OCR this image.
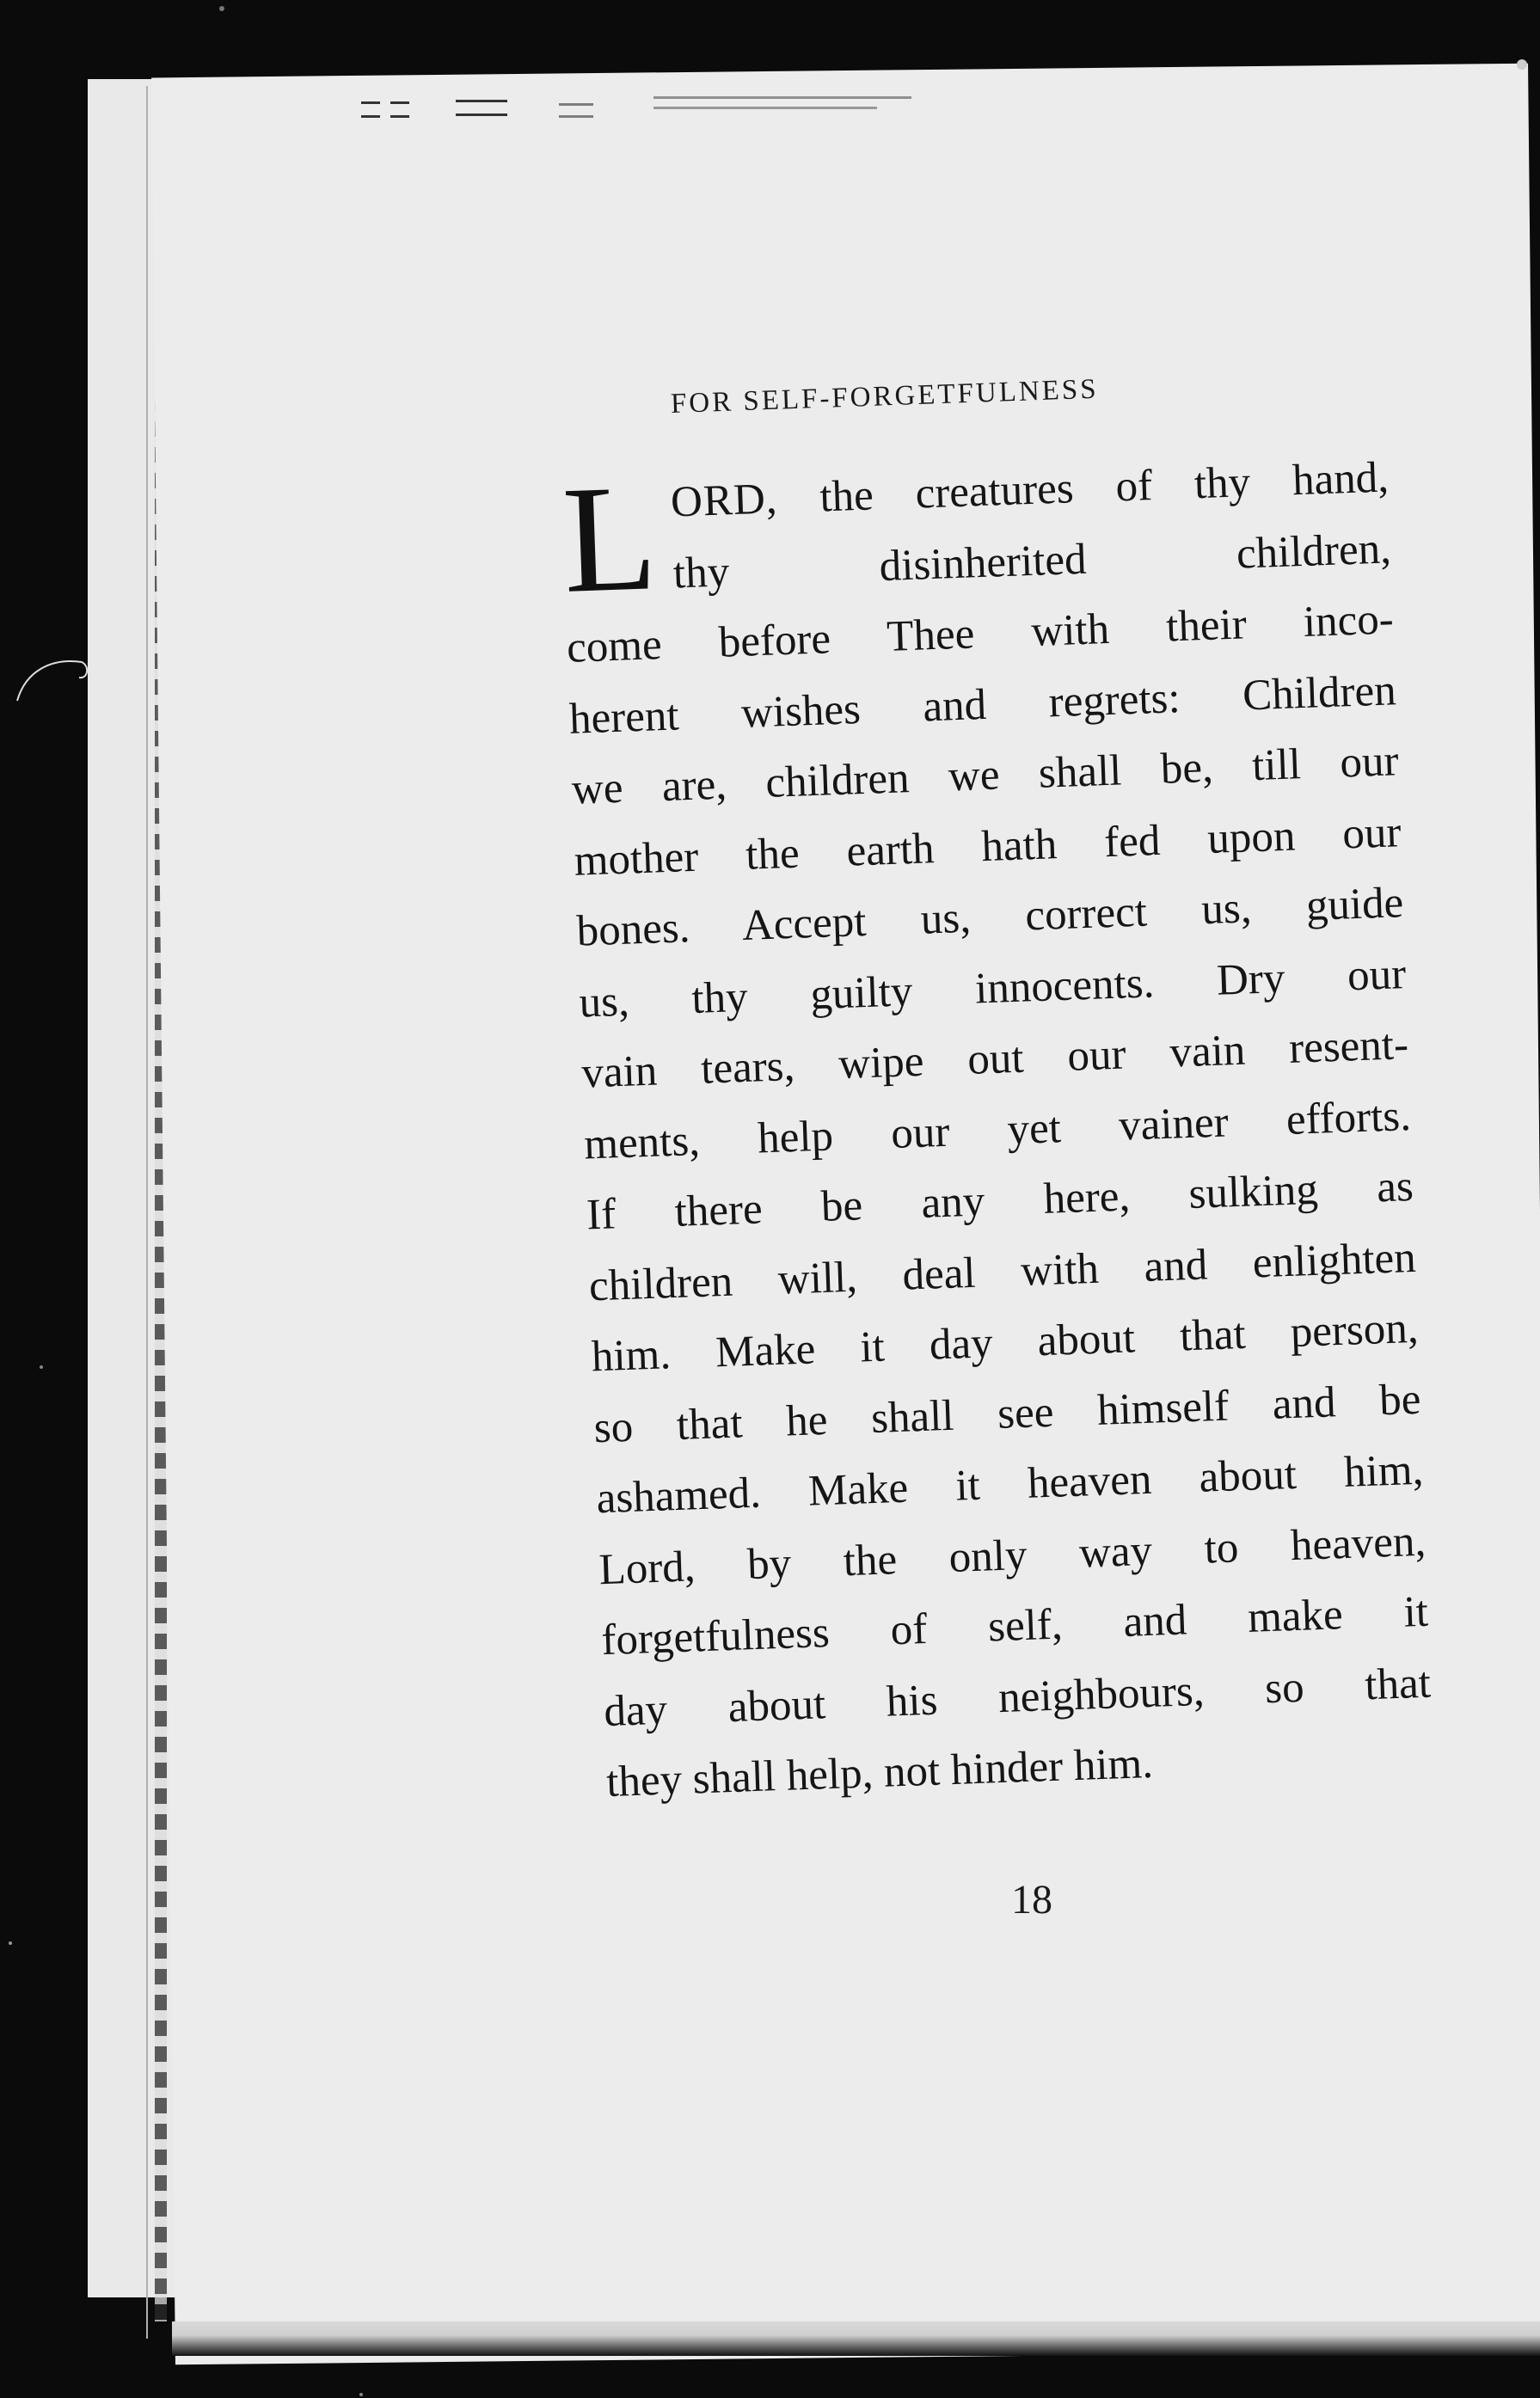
FOR SELF-FORGETFULNESS
L ORD, the creatures of thy hand,
thy disinherited children,
come before Thee with their inco-
herent wishes and regrets: Children
we are, children we shall be, till our
mother the earth hath fed upon our
bones. Accept us, correct us, guide
us, thy guilty innocents. Dry our
vain tears, wipe out our vain resent-
ments, help our yet vainer efforts.
If there be any here, sulking as
children will, deal with and enlighten
him. Make it day about that person,
so that he shall see himself and be
ashamed. Make it heaven about him,
Lord, by the only way to heaven,
forgetfulness of self, and make it
day about his neighbours, so that
they shall help, not hinder him.
18
